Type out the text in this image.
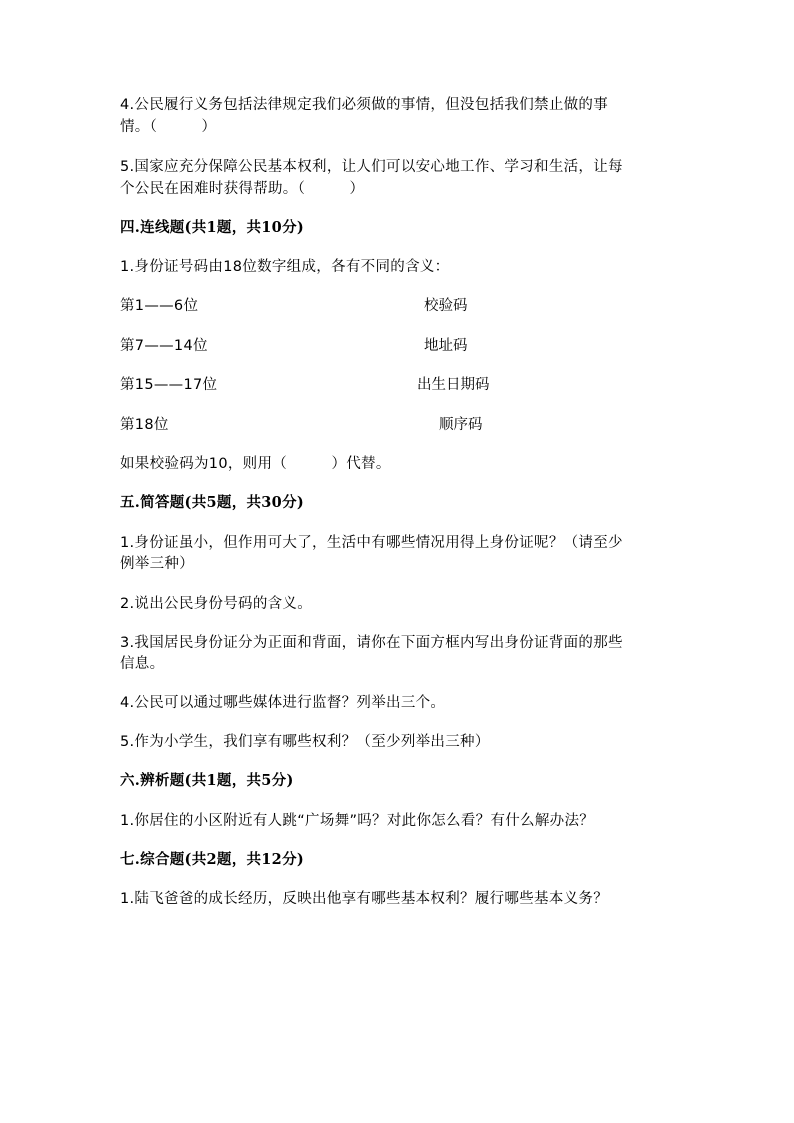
4.公民履行义务包括法律规定我们必须做的事情，但没包括我们禁止做的事
情。（　　　）
5.国家应充分保障公民基本权利，让人们可以安心地工作、学习和生活，让每
个公民在困难时获得帮助。（　　　）
四.连线题(共1题，共10分)
1.身份证号码由18位数字组成，各有不同的含义：
第1——6位	校验码
第7——14位	地址码
第15——17位	出生日期码
第18位	顺序码
如果校验码为10，则用（　　　）代替。
五.简答题(共5题，共30分)
1.身份证虽小，但作用可大了，生活中有哪些情况用得上身份证呢？（请至少
例举三种）
2.说出公民身份号码的含义。
3.我国居民身份证分为正面和背面，请你在下面方框内写出身份证背面的那些
信息。
4.公民可以通过哪些媒体进行监督？列举出三个。
5.作为小学生，我们享有哪些权利？（至少列举出三种）
六.辨析题(共1题，共5分)
1.你居住的小区附近有人跳“广场舞”吗？对此你怎么看？有什么解办法？
七.综合题(共2题，共12分)
1.陆飞爸爸的成长经历，反映出他享有哪些基本权利？履行哪些基本义务？
